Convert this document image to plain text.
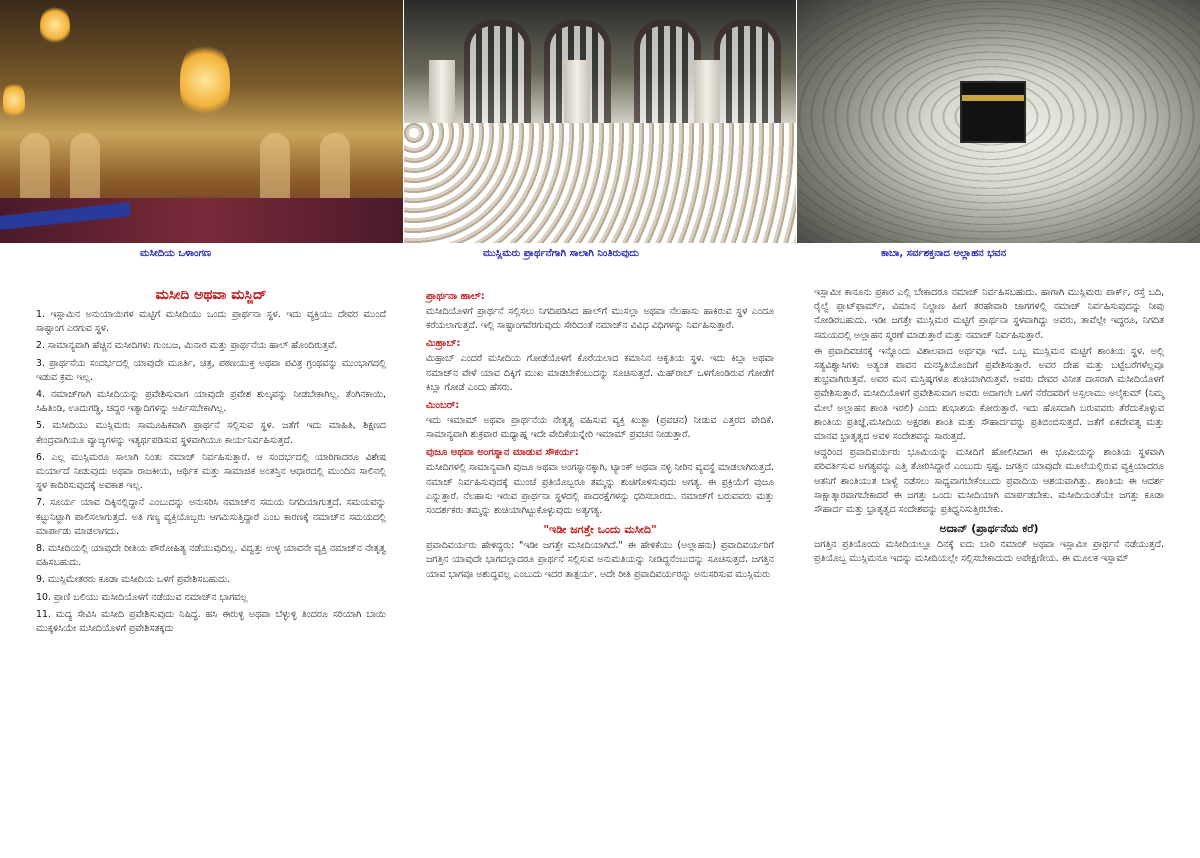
ಮಸೀದಿಯ ಒಳಾಂಗಣ	ಮುಸ್ಲಿಮರು ಪ್ರಾರ್ಥನೆಗಾಗಿ ಸಾಲಾಗಿ ನಿಂತಿರುವುದು	ಕಾಬಾ, ಸರ್ವಶಕ್ತನಾದ ಅಲ್ಲಾಹನ ಭವನ
ಮಸೀದಿ ಅಥವಾ ಮಸ್ಜಿದ್

1. ಇಸ್ಲಾಮಿನ ಅನುಯಾಯಿಗಳ ಮಟ್ಟಿಗೆ ಮಸೀದಿಯು ಒಂದು ಪ್ರಾರ್ಥನಾ ಸ್ಥಳ. ಇದು ವ್ಯಕ್ತಿಯು ದೇವರ ಮುಂದೆ ಸಾಷ್ಟಾಂಗ ಎರಗುವ ಸ್ಥಳ.

2. ಸಾಮಾನ್ಯವಾಗಿ ಹೆಚ್ಚಿನ ಮಸೀದಿಗಳು ಗುಂಬಜ, ಮಿನಾರ ಮತ್ತು ಪ್ರಾರ್ಥನೆಯ ಹಾಲ್ ಹೊಂದಿರುತ್ತವೆ.

3. ಪ್ರಾರ್ಥನೆಯ ಸಂದರ್ಭದಲ್ಲಿ ಯಾವುದೇ ಮೂರ್ತಿ, ಚಿತ್ರ, ಪಠಣಯುಕ್ತ ಅಥವಾ ಪವಿತ್ರ ಗ್ರಂಥವನ್ನು ಮುಂಭಾಗದಲ್ಲಿ ಇಡುವ ಕ್ರಮ ಇಲ್ಲ.

4. ನಮಾಜ್‌ಗಾಗಿ ಮಸೀದಿಯನ್ನು ಪ್ರವೇಶಿಸುವಾಗ ಯಾವುದೇ ಪ್ರವೇಶ ಶುಲ್ಕವನ್ನು ನೀಡಬೇಕಾಗಿಲ್ಲ. ತೆಂಗಿನಕಾಯಿ, ಸಿಹಿತಿಂಡಿ, ಊದುಗಡ್ಡಿ, ಚದ್ದರ ಇತ್ಯಾದಿಗಳನ್ನು ಅರ್ಪಿಸಬೇಕಾಗಿಲ್ಲ.

5. ಮಸೀದಿಯು ಮುಸ್ಲಿಮರು ಸಾಮೂಹಿಕವಾಗಿ ಪ್ರಾರ್ಥನೆ ಸಲ್ಲಿಸುವ ಸ್ಥಳ. ಜತೆಗೆ ಇದು ಮಾಹಿತಿ, ಶಿಕ್ಷಣದ ಕೇಂದ್ರವಾಗಿಯೂ ವ್ಯಾಜ್ಯಗಳನ್ನು ಇತ್ಯರ್ಥಪಡಿಸುವ ಸ್ಥಳವಾಗಿಯೂ ಕಾರ್ಯನಿರ್ವಹಿಸುತ್ತದೆ.

6. ಎಲ್ಲ ಮುಸ್ಲಿಮರೂ ಸಾಲಾಗಿ ನಿಂತು ನಮಾಜ್ ನಿರ್ವಹಿಸುತ್ತಾರೆ. ಆ ಸಂದರ್ಭದಲ್ಲಿ ಯಾರಿಗಾದರೂ ವಿಶೇಷ ಮರ್ಯಾದೆ ನೀಡುವುದು ಅಥವಾ ರಾಜಕೀಯ, ಆರ್ಥಿಕ ಮತ್ತು ಸಾಮಾಜಿಕ ಅಂತಸ್ತಿನ ಆಧಾರದಲ್ಲಿ ಮುಂದಿನ ಸಾಲಿನಲ್ಲಿ ಸ್ಥಳ ಕಾದಿರಿಸುವುದಕ್ಕೆ ಅವಕಾಶ ಇಲ್ಲ.

7. ಸೂರ್ಯ ಯಾವ ದಿಕ್ಕಿನಲ್ಲಿದ್ದಾನೆ ಎಂಬುದನ್ನು ಅನುಸರಿಸಿ ನಮಾಜ್‌ನ ಸಮಯ ನಿಗದಿಯಾಗುತ್ತದೆ. ಸಮಯವನ್ನು ಕಟ್ಟುನಿಟ್ಟಾಗಿ ಪಾಲಿಸಲಾಗುತ್ತದೆ. ಅತಿ ಗಣ್ಯ ವ್ಯಕ್ತಿಯೊಬ್ಬರು ಆಗಮಿಸುತ್ತಿದ್ದಾರೆ ಎಂಬ ಕಾರಣಕ್ಕೆ ನಮಾಜ್‌ನ ಸಮಯದಲ್ಲಿ ಮಾರ್ಪಾಡು ಮಾಡಲಾಗದು.

8. ಮಸೀದಿಯಲ್ಲಿ ಯಾವುದೇ ರೀತಿಯ ಪೌರೋಹಿತ್ಯ ನಡೆಯುವುದಿಲ್ಲ. ವಿದ್ವತ್ತು ಉಳ್ಳ ಯಾವನೇ ವ್ಯಕ್ತಿ ನಮಾಜ್‌ನ ನೇತೃತ್ವ ವಹಿಸಬಹುದು.

9. ಮುಸ್ಲಿಮೇತರರು ಕೂಡಾ ಮಸೀದಿಯ ಒಳಗೆ ಪ್ರವೇಶಿಸಬಹುದು.

10. ಪ್ರಾಣಿ ಬಲಿಯು ಮಸೀದಿಯೊಳಗೆ ನಡೆಯುವ ನಮಾಜ್‌ನ ಭಾಗವಲ್ಲ

11. ಮದ್ಯ ಸೇವಿಸಿ ಮಸೀದಿ ಪ್ರವೇಶಿಸುವುದು ನಿಷಿದ್ಧ. ಹಸಿ ಈರುಳ್ಳಿ ಅಥವಾ ಬೆಳ್ಳುಳ್ಳಿ ತಿಂದರೂ ಸರಿಯಾಗಿ ಬಾಯಿ ಮುಕ್ಕಳಿಸಿಯೇ ಮಸೀದಿಯೊಳಗೆ ಪ್ರವೇಶಿಸತಕ್ಕದು

ಪ್ರಾರ್ಥನಾ ಹಾಲ್:

ಮಸೀದಿಯೊಳಗೆ ಪ್ರಾರ್ಥನೆ ಸಲ್ಲಿಸಲು ನಿಗದಿಪಡಿಸಿದ ಹಾಲ್‌ಗೆ ಮುಸಲ್ಲಾ ಅಥವಾ ನೆಲಹಾಸು ಹಾಕಿರುವ ಸ್ಥಳ ಎಂದೂ ಕರೆಯಲಾಗುತ್ತದೆ. ಇಲ್ಲಿ ಸಾಷ್ಟಾಂಗವೆರಗುವುದು ಸೇರಿದಂತೆ ನಮಾಜ್‌ನ ವಿವಿಧ ವಿಧಿಗಳನ್ನು ನಿರ್ವಹಿಸುತ್ತಾರೆ.

ಮಿಹ್ರಾಬ್:

ಮಿಹ್ರಾಬ್ ಎಂದರೆ ಮಸೀದಿಯ ಗೋಡೆಯೊಳಗೆ ಕೊರೆಯಲಾದ ಕಮಾನಿನ ಆಕೃತಿಯ ಸ್ಥಳ. ಇದು ಕಿಬ್ಲಾ ಅಥವಾ ನಮಾಜ್‌ನ ವೇಳೆ ಯಾವ ದಿಕ್ಕಿಗೆ ಮುಖ ಮಾಡಬೇಕೆಂಬುದನ್ನು ಸೂಚಿಸುತ್ತದೆ. ಮಿಹ್‌ರಾಬ್ ಒಳಗೊಂಡಿರುವ ಗೋಡೆಗೆ ಕಿಬ್ಲಾ ಗೋಡೆ ಎಂದು ಹೆಸರು.

ಮಿಂಬರ್:

ಇದು ಇಮಾಮ್ ಅಥವಾ ಪ್ರಾರ್ಥನೆಯ ನೇತೃತ್ವ ವಹಿಸುವ ವ್ಯಕ್ತಿ ಖುತ್ಬಾ (ಪ್ರವಚನ) ನೀಡುವ ಎತ್ತರದ ವೇದಿಕೆ. ಸಾಮಾನ್ಯವಾಗಿ ಶುಕ್ರವಾರ ಮಧ್ಯಾಹ್ನ ಇದೇ ವೇದಿಕೆಯನ್ನೇರಿ ಇಮಾಮ್ ಪ್ರವಚನ ನೀಡುತ್ತಾರೆ.

ವುಜೂ ಅಥವಾ ಅಂಗಸ್ನಾನ ಮಾಡುವ ಸೌಕರ್ಯ:

ಮಸೀದಿಗಳಲ್ಲಿ ಸಾಮಾನ್ಯವಾಗಿ ವುಜೂ ಅಥವಾ ಅಂಗಸ್ನಾನಕ್ಕಾಗಿ, ಟ್ಯಾಂಕ್ ಅಥವಾ ನಳ್ಳಿ ನೀರಿನ ವ್ಯವಸ್ಥೆ ಮಾಡಲಾಗಿರುತ್ತದೆ. ನಮಾಜ್ ನಿರ್ವಹಿಸುವುದಕ್ಕೆ ಮುಂಚೆ ಪ್ರತಿಯೊಬ್ಬರೂ ತಮ್ಮನ್ನು ಶುಚಿಗೊಳಿಸುವುದು ಅಗತ್ಯ. ಈ ಪ್ರಕ್ರಿಯೆಗೆ ವುಜೂ ಎನ್ನುತ್ತಾರೆ. ನೆಲಹಾಸು ಇರುವ ಪ್ರಾರ್ಥನಾ ಸ್ಥಳದಲ್ಲಿ ಪಾದರಕ್ಷೆಗಳನ್ನು ಧರಿಸಬಾರದು. ನಮಾಜ್‌ಗೆ ಬರುವವರು ಮತ್ತು ಸಂದರ್ಶಕರು ತಮ್ಮನ್ನು ಶುಚಿಯಾಗಿಟ್ಟುಕೊಳ್ಳುವುದು ಅತ್ಯಗತ್ಯ.

"ಇಡೀ ಜಗತ್ತೇ ಒಂದು ಮಸೀದಿ"

ಪ್ರವಾದಿವರ್ಯರು ಹೇಳಿದ್ದರು: "ಇಡೀ ಜಗತ್ತೇ ಮಸೀದಿಯಾಗಿದೆ." ಈ ಹೇಳಿಕೆಯು (ಅಲ್ಲಾಹನು) ಪ್ರವಾದಿವರ್ಯರಿಗೆ ಜಗತ್ತಿನ ಯಾವುದೇ ಭಾಗದಲ್ಲಾದರೂ ಪ್ರಾರ್ಥನೆ ಸಲ್ಲಿಸುವ ಅನುಮತಿಯನ್ನು ನೀಡಿದ್ದನೆಂಬುದನ್ನು ಸೂಚಿಸುತ್ತದೆ. ಜಗತ್ತಿನ ಯಾವ ಭಾಗವೂ ಅಶುದ್ಧವಲ್ಲ ಎಂಬುದು ಇದರ ತಾತ್ಪರ್ಯ. ಅದೇ ರೀತಿ ಪ್ರವಾದಿವರ್ಯರನ್ನು ಅನುಸರಿಸುವ ಮುಸ್ಲಿಮರು

ಇಸ್ಲಾಮೀ ಕಾನೂನು ಪ್ರಕಾರ ಎಲ್ಲಿ ಬೇಕಾದರೂ ನಮಾಜ್ ನಿರ್ವಹಿಸಬಹುದು. ಹಾಗಾಗಿ ಮುಸ್ಲಿಮರು ಪಾರ್ಕ್, ರಸ್ತೆ ಬದಿ, ರೈಲ್ವೆ ಪ್ಲಾಟ್‌ಫಾರ್ಮ್, ವಿಮಾನ ನಿಲ್ದಾಣ ಹೀಗೆ ತರಹೇವಾರಿ ಜಾಗಗಳಲ್ಲಿ ನಮಾಜ್ ನಿರ್ವಹಿಸುವುದನ್ನು ನೀವು ನೋಡಿರಬಹುದು. ಇಡೀ ಜಗತ್ತೇ ಮುಸ್ಲಿಮರ ಮಟ್ಟಿಗೆ ಪ್ರಾರ್ಥನಾ ಸ್ಥಳವಾಗಿದ್ದು ಅವರು, ತಾವೆಲ್ಲೇ ಇದ್ದರೂ, ನಿಗದಿತ ಸಮಯದಲ್ಲಿ ಅಲ್ಲಾಹನ ಸ್ಮರಣೆ ಮಾಡುತ್ತಾರೆ ಮತ್ತು ನಮಾಜ್ ನಿರ್ವಹಿಸುತ್ತಾರೆ.

ಈ ಪ್ರವಾದಿವಚನಕ್ಕೆ ಇನ್ನೊಂದು ವಿಶಾಲವಾದ ಅರ್ಥವೂ ಇದೆ. ಒಬ್ಬ ಮುಸ್ಲಿಮನ ಮಟ್ಟಿಗೆ ಶಾಂತಿಯ ಸ್ಥಳ. ಅಲ್ಲಿ ಸತ್ಯವಿಶ್ವಾಸಿಗಳು ಅತ್ಯಂತ ಪಾವನ ಮನಸ್ಥಿತಿಯೊಂದಿಗೆ ಪ್ರವೇಶಿಸುತ್ತಾರೆ. ಅವರ ದೇಹ ಮತ್ತು ಬಟ್ಟೆಬರೆಗಳೆಲ್ಲವೂ ಶುಭ್ರವಾಗಿರುತ್ತವೆ. ಅವರ ಮನ ಮಸ್ತಿಷ್ಕಗಳೂ ಶುಚಿಯಾಗಿರುತ್ತವೆ. ಅವರು ದೇವರ ವಿನೀತ ದಾಸರಾಗಿ ಮಸೀದಿಯೊಳಗೆ ಪ್ರವೇಶಿಸುತ್ತಾರೆ. ಮಸೀದಿಯೊಳಗೆ ಪ್ರವೇಶಿಸುವಾಗ ಅವರು ಅದಾಗಲೇ ಒಳಗೆ ನೆರೆದವರಿಗೆ ಅಸ್ಸಲಾಮು ಅಲೈಕುಮ್ (ನಿಮ್ಮ ಮೇಲೆ ಅಲ್ಲಾಹನ ಶಾಂತಿ ಇರಲಿ) ಎಂದು ಶುಭಾಶಯ ಕೋರುತ್ತಾರೆ. ಇದು ಹೊಸದಾಗಿ ಬರುವವರು ತೆರೆದುಕೊಳ್ಳುವ ಶಾಂತಿಯ ಪ್ರತಿಜ್ಞೆ.ಮಸೀದಿಯ ಅಕ್ಷರಶಃ ಶಾಂತಿ ಮತ್ತು ಸೌಹಾರ್ದವನ್ನು ಪ್ರತಿಬಿಂಬಿಸುತ್ತದೆ. ಜತೆಗೆ ಏಕದೇವತ್ವ ಮತ್ತು ಮಾನವ ಭ್ರಾತೃತ್ವದ ಅವಳಿ ಸಂದೇಶವನ್ನು ಸಾರುತ್ತದೆ.

ಆದ್ದರಿಂದ ಪ್ರವಾದಿವರ್ಯರು ಭೂಮಿಯನ್ನು ಮಸೀದಿಗೆ ಹೋಲಿಸಿದಾಗ ಈ ಭೂಮಿಯನ್ನು ಶಾಂತಿಯ ಸ್ಥಳವಾಗಿ ಪರಿವರ್ತಿಸುವ ಅಗತ್ಯವನ್ನು ಎತ್ತಿ ತೋರಿಸಿದ್ದಾರೆ ಎಂಬುದು ಸ್ಪಷ್ಟ. ಜಗತ್ತಿನ ಯಾವುದೇ ಮೂಲೆಯಲ್ಲಿರುವ ವ್ಯಕ್ತಿಯಾದರೂ ಆತನಿಗೆ ಶಾಂತಿಯುತ ಬಾಳ್ವೆ ನಡೆಸಲು ಸಾಧ್ಯವಾಗಬೇಕೆಂಬುದು ಪ್ರವಾದಿಯ ಆಶಯವಾಗಿತ್ತು. ಶಾಂತಿಯ ಈ ಆದರ್ಶ ಸಾಕ್ಷಾತ್ಕಾರವಾಗಬೇಕಾದರೆ ಈ ಜಗತ್ತು ಒಂದು ಮಸೀದಿಯಾಗಿ ಮಾರ್ಪಡಬೇಕು. ಮಸೀದಿಯಂತೆಯೇ ಜಗತ್ತು ಕೂಡಾ ಸೌಹಾರ್ದ ಮತ್ತು ಭ್ರಾತೃತ್ವದ ಸಂದೇಶವನ್ನು ಪ್ರತಿಧ್ವನಿಸುತ್ತಿರಬೇಕು.

ಅದಾನ್ (ಪ್ರಾರ್ಥನೆಯ ಕರೆ)

ಜಗತ್ತಿನ ಪ್ರತಿಯೊಂದು ಮಸೀದಿಯಲ್ಲೂ ದಿನಕ್ಕೆ ಐದು ಬಾರಿ ನಮಾಜ್ ಅಥವಾ ಇಸ್ಲಾಮೀ ಪ್ರಾರ್ಥನೆ ನಡೆಯುತ್ತದೆ. ಪ್ರತಿಯೊಬ್ಬ ಮುಸ್ಲಿಮನೂ ಇದನ್ನು ಮಸೀದಿಯಲ್ಲೇ ಸಲ್ಲಿಸಬೇಕಾದುದು ಅಪೇಕ್ಷಣೀಯ. ಈ ಮೂಲಕ ಇಸ್ಲಾಮ್
